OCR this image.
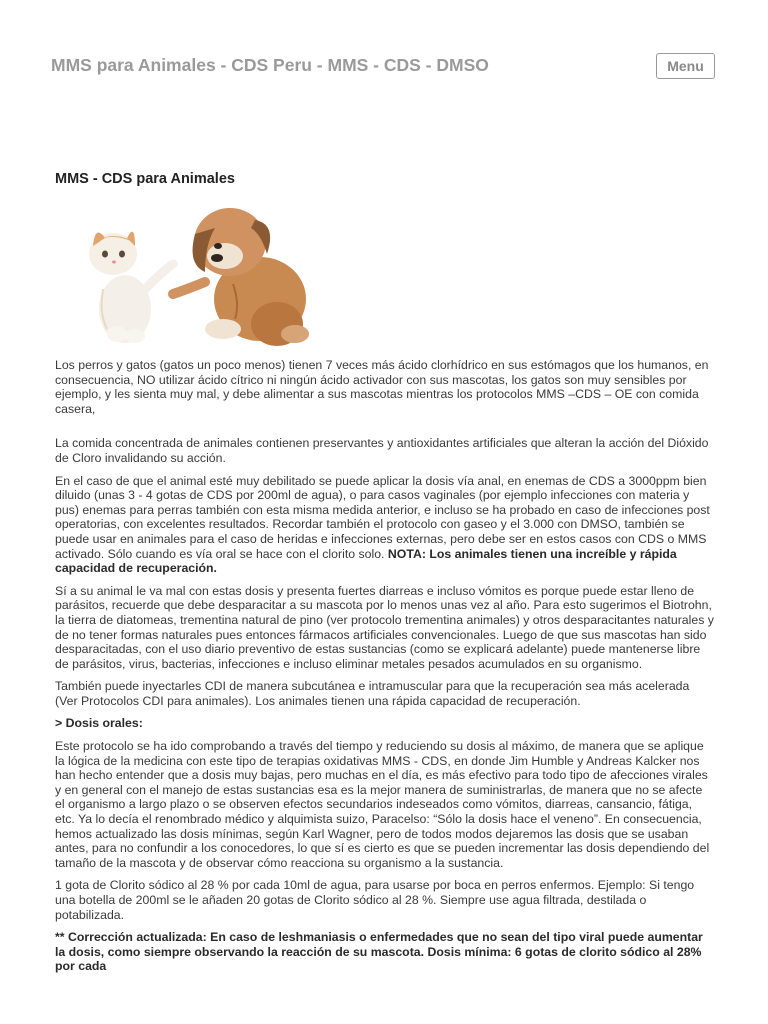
MMS para Animales - CDS Peru - MMS - CDS - DMSO	Menu
MMS - CDS para Animales

Los perros y gatos (gatos un poco menos) tienen 7 veces más ácido clorhídrico en sus estómagos que los humanos, en consecuencia, NO utilizar ácido cítrico ni ningún ácido activador con sus mascotas, los gatos son muy sensibles por ejemplo, y les sienta muy mal, y debe alimentar a sus mascotas mientras los protocolos MMS –CDS – OE con comida casera,

La comida concentrada de animales contienen preservantes y antioxidantes artificiales que alteran la acción del Dióxido de Cloro invalidando su acción.

En el caso de que el animal esté muy debilitado se puede aplicar la dosis vía anal, en enemas de CDS a 3000ppm bien diluido (unas 3 - 4 gotas de CDS por 200ml de agua), o para casos vaginales (por ejemplo infecciones con materia y pus) enemas para perras también con esta misma medida anterior, e incluso se ha probado en caso de infecciones post operatorias, con excelentes resultados. Recordar también el protocolo con gaseo y el 3.000 con DMSO, también se puede usar en animales para el caso de heridas e infecciones externas, pero debe ser en estos casos con CDS o MMS activado. Sólo cuando es vía oral se hace con el clorito solo. NOTA: Los animales tienen una increíble y rápida capacidad de recuperación.

Sí a su animal le va mal con estas dosis y presenta fuertes diarreas e incluso vómitos es porque puede estar lleno de parásitos, recuerde que debe desparacitar a su mascota por lo menos unas vez al año. Para esto sugerimos el Biotrohn, la tierra de diatomeas, trementina natural de pino (ver protocolo trementina animales) y otros desparacitantes naturales y de no tener formas naturales pues entonces fármacos artificiales convencionales. Luego de que sus mascotas han sido desparacitadas, con el uso diario preventivo de estas sustancias (como se explicará adelante) puede mantenerse libre de parásitos, virus, bacterias, infecciones e incluso eliminar metales pesados acumulados en su organismo.

También puede inyectarles CDI de manera subcutánea e intramuscular para que la recuperación sea más acelerada (Ver Protocolos CDI para animales). Los animales tienen una rápida capacidad de recuperación.

> Dosis orales:

Este protocolo se ha ido comprobando a través del tiempo y reduciendo su dosis al máximo, de manera que se aplique la lógica de la medicina con este tipo de terapias oxidativas MMS - CDS, en donde Jim Humble y Andreas Kalcker nos han hecho entender que a dosis muy bajas, pero muchas en el día, es más efectivo para todo tipo de afecciones virales y en general con el manejo de estas sustancias esa es la mejor manera de suministrarlas, de manera que no se afecte el organismo a largo plazo o se observen efectos secundarios indeseados como vómitos, diarreas, cansancio, fátiga, etc. Ya lo decía el renombrado médico y alquimista suizo, Paracelso: “Sólo la dosis hace el veneno”. En consecuencia, hemos actualizado las dosis mínimas, según Karl Wagner, pero de todos modos dejaremos las dosis que se usaban antes, para no confundir a los conocedores, lo que sí es cierto es que se pueden incrementar las dosis dependiendo del tamaño de la mascota y de observar cómo reacciona su organismo a la sustancia.

1 gota de Clorito sódico al 28 % por cada 10ml de agua, para usarse por boca en perros enfermos. Ejemplo: Si tengo una botella de 200ml se le añaden 20 gotas de Clorito sódico al 28 %. Siempre use agua filtrada, destilada o potabilizada.

** Corrección actualizada: En caso de leshmaniasis o enfermedades que no sean del tipo viral puede aumentar la dosis, como siempre observando la reacción de su mascota. Dosis mínima: 6 gotas de clorito sódico al 28% por cada
